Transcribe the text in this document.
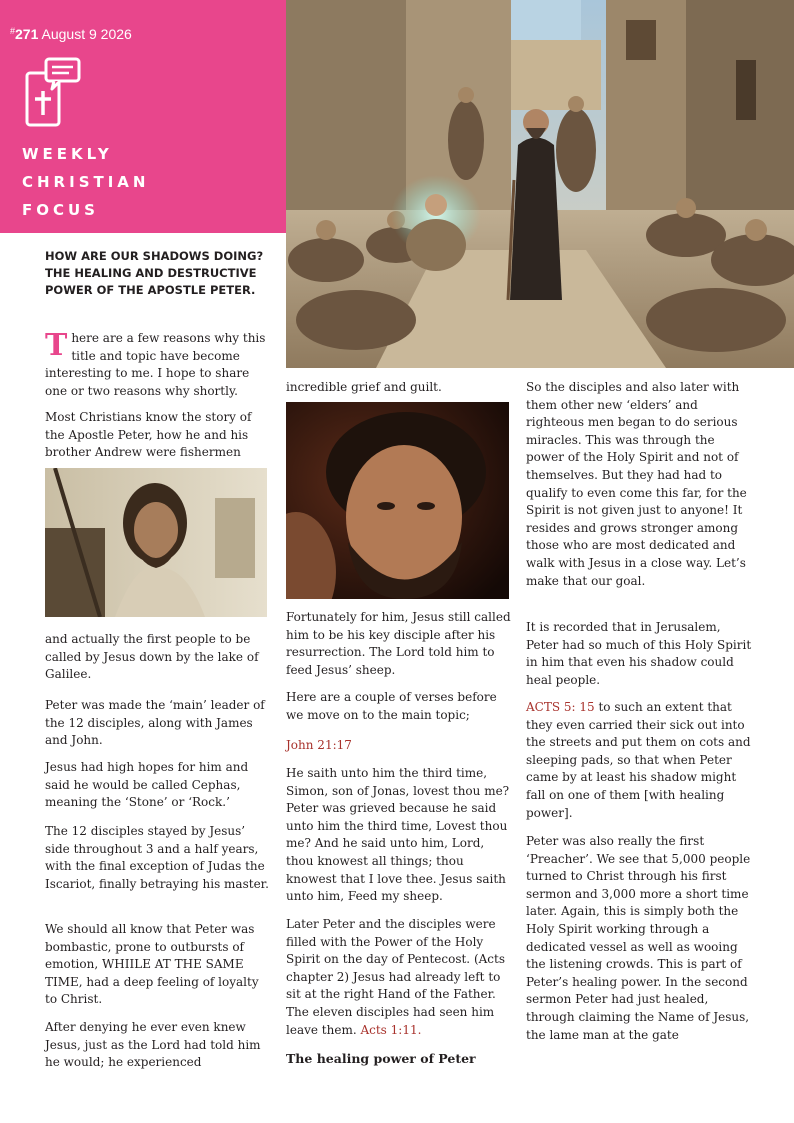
#271 August 9 2026
WEEKLY
CHRISTIAN
FOCUS
HOW ARE OUR SHADOWS DOING? THE HEALING AND DESTRUCTIVE POWER OF THE APOSTLE PETER.

There are a few reasons why this title and topic have become interesting to me. I hope to share one or two reasons why shortly.

Most Christians know the story of the Apostle Peter, how he and his brother Andrew were fishermen

and actually the first people to be called by Jesus down by the lake of Galilee.

Peter was made the ‘main’ leader of the 12 disciples, along with James and John.

Jesus had high hopes for him and said he would be called Cephas, meaning the ‘Stone’ or ‘Rock.’

The 12 disciples stayed by Jesus’ side throughout 3 and a half years, with the final exception of Judas the Iscariot, finally betraying his master.

We should all know that Peter was bombastic, prone to outbursts of emotion, WHIILE AT THE SAME TIME, had a deep feeling of loyalty to Christ.

After denying he ever even knew Jesus, just as the Lord had told him he would; he experienced

incredible grief and guilt.

Fortunately for him, Jesus still called him to be his key disciple after his resurrection. The Lord told him to feed Jesus’ sheep.

Here are a couple of verses before we move on to the main topic;

John 21:17

He saith unto him the third time, Simon, son of Jonas, lovest thou me? Peter was grieved because he said unto him the third time, Lovest thou me? And he said unto him, Lord, thou knowest all things; thou knowest that I love thee. Jesus saith unto him, Feed my sheep.

Later Peter and the disciples were filled with the Power of the Holy Spirit on the day of Pentecost. (Acts chapter 2) Jesus had already left to sit at the right Hand of the Father. The eleven disciples had seen him leave them. Acts 1:11.

The healing power of Peter

So the disciples and also later with them other new ‘elders’ and righteous men began to do serious miracles. This was through the power of the Holy Spirit and not of themselves. But they had had to qualify to even come this far, for the Spirit is not given just to anyone! It resides and grows stronger among those who are most dedicated and walk with Jesus in a close way. Let’s make that our goal.

It is recorded that in Jerusalem, Peter had so much of this Holy Spirit in him that even his shadow could heal people.

ACTS 5: 15 to such an extent that they even carried their sick out into the streets and put them on cots and sleeping pads, so that when Peter came by at least his shadow might fall on one of them [with healing power].

Peter was also really the first ‘Preacher’. We see that 5,000 people turned to Christ through his first sermon and 3,000 more a short time later. Again, this is simply both the Holy Spirit working through a dedicated vessel as well as wooing the listening crowds. This is part of Peter’s healing power. In the second sermon Peter had just healed, through claiming the Name of Jesus, the lame man at the gate
